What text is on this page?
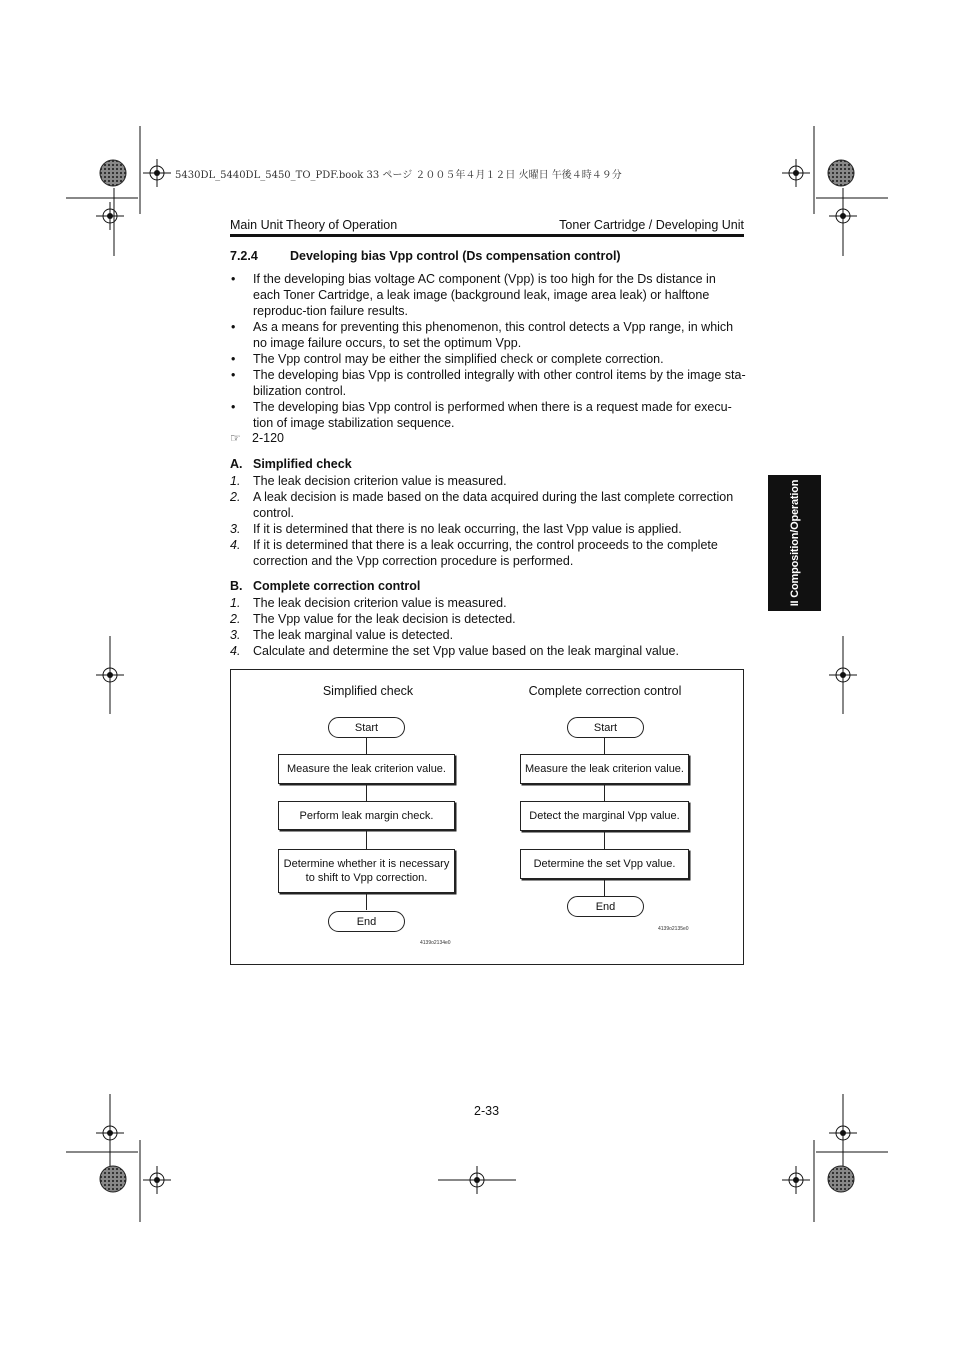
5430DL_5440DL_5450_TO_PDF.book 33 ページ ２００５年４月１２日 火曜日 午後４時４９分
Main Unit Theory of Operation	Toner Cartridge / Developing Unit
7.2.4	Developing bias Vpp control (Ds compensation control)
•	If the developing bias voltage AC component (Vpp) is too high for the Ds distance in each Toner Cartridge, a leak image (background leak, image area leak) or halftone reproduc-tion failure results.
•	As a means for preventing this phenomenon, this control detects a Vpp range, in which no image failure occurs, to set the optimum Vpp.
•	The Vpp control may be either the simplified check or complete correction.
•	The developing bias Vpp is controlled integrally with other control items by the image sta-bilization control.
•	The developing bias Vpp control is performed when there is a request made for execu-tion of image stabilization sequence.
☞ 2-120
A. Simplified check
1.	The leak decision criterion value is measured.
2.	A leak decision is made based on the data acquired during the last complete correction control.
3.	If it is determined that there is no leak occurring, the last Vpp value is applied.
4.	If it is determined that there is a leak occurring, the control proceeds to the complete correction and the Vpp correction procedure is performed.
B. Complete correction control
1.	The leak decision criterion value is measured.
2.	The Vpp value for the leak decision is detected.
3.	The leak marginal value is detected.
4.	Calculate and determine the set Vpp value based on the leak marginal value.
II Composition/Operation
Simplified check
Start
Measure the leak criterion value.
Perform leak margin check.
Determine whether it is necessary to shift to Vpp correction.
End
4139o2134e0
Complete correction control
Start
Measure the leak criterion value.
Detect the marginal Vpp value.
Determine the set Vpp value.
End
4139o2135e0
2-33
